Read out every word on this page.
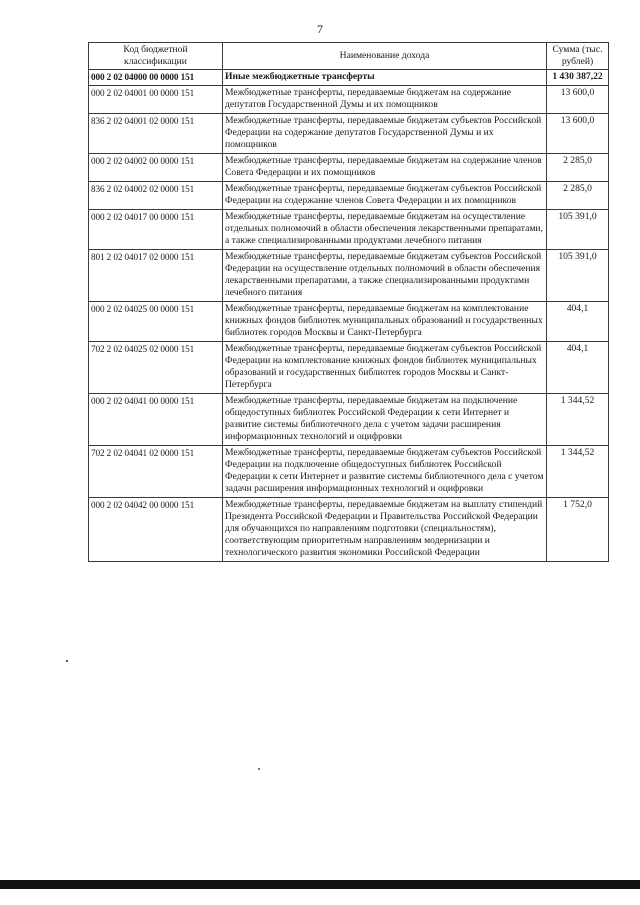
7
Код бюджетной классификации	Наименование дохода	Сумма (тыс. рублей)
000 2 02 04000 00 0000 151	Иные межбюджетные трансферты	1 430 387,22
000 2 02 04001 00 0000 151	Межбюджетные трансферты, передаваемые бюджетам на содержание депутатов Государственной Думы и их помощников	13 600,0
836 2 02 04001 02 0000 151	Межбюджетные трансферты, передаваемые бюджетам субъектов Российской Федерации на содержание депутатов Государственной Думы и их помощников	13 600,0
000 2 02 04002 00 0000 151	Межбюджетные трансферты, передаваемые бюджетам на содержание членов Совета Федерации и их помощников	2 285,0
836 2 02 04002 02 0000 151	Межбюджетные трансферты, передаваемые бюджетам субъектов Российской Федерации на содержание членов Совета Федерации и их помощников	2 285,0
000 2 02 04017 00 0000 151	Межбюджетные трансферты, передаваемые бюджетам на осуществление отдельных полномочий в области обеспечения лекарственными препаратами, а также специализированными продуктами лечебного питания	105 391,0
801 2 02 04017 02 0000 151	Межбюджетные трансферты, передаваемые бюджетам субъектов Российской Федерации на осуществление отдельных полномочий в области обеспечения лекарственными препаратами, а также специализированными продуктами лечебного питания	105 391,0
000 2 02 04025 00 0000 151	Межбюджетные трансферты, передаваемые бюджетам на комплектование книжных фондов библиотек муниципальных образований и государственных библиотек городов Москвы и Санкт-Петербурга	404,1
702 2 02 04025 02 0000 151	Межбюджетные трансферты, передаваемые бюджетам субъектов Российской Федерации на комплектование книжных фондов библиотек муниципальных образований и государственных библиотек городов Москвы и Санкт-Петербурга	404,1
000 2 02 04041 00 0000 151	Межбюджетные трансферты, передаваемые бюджетам на подключение общедоступных библиотек Российской Федерации к сети Интернет и развитие системы библиотечного дела с учетом задачи расширения информационных технологий и оцифровки	1 344,52
702 2 02 04041 02 0000 151	Межбюджетные трансферты, передаваемые бюджетам субъектов Российской Федерации на подключение общедоступных библиотек Российской Федерации к сети Интернет и развитие системы библиотечного дела с учетом задачи расширения информационных технологий и оцифровки	1 344,52
000 2 02 04042 00 0000 151	Межбюджетные трансферты, передаваемые бюджетам на выплату стипендий Президента Российской Федерации и Правительства Российской Федерации для обучающихся по направлениям подготовки (специальностям), соответствующим приоритетным направлениям модернизации и технологического развития экономики Российской Федерации	1 752,0
